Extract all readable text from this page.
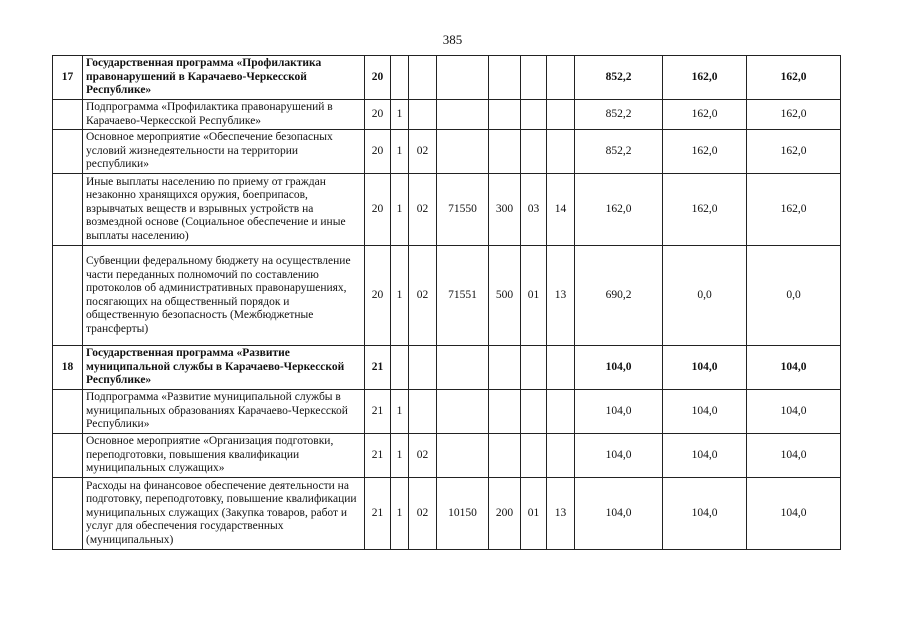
385
17	Государственная программа «Профилактика правонарушений в Карачаево-Черкесской Республике»	20							852,2	162,0	162,0
	Подпрограмма «Профилактика правонарушений в Карачаево-Черкесской Республике»	20	1						852,2	162,0	162,0
	Основное мероприятие «Обеспечение безопасных условий жизнедеятельности на территории республики»	20	1	02					852,2	162,0	162,0
	Иные выплаты населению по приему от граждан незаконно хранящихся оружия, боеприпасов, взрывчатых веществ и взрывных устройств на возмездной основе (Социальное обеспечение и иные выплаты населению)	20	1	02	71550	300	03	14	162,0	162,0	162,0
	Субвенции федеральному бюджету на осуществление части переданных полномочий по составлению протоколов об административных правонарушениях, посягающих на общественный порядок и общественную безопасность (Межбюджетные трансферты)	20	1	02	71551	500	01	13	690,2	0,0	0,0
18	Государственная программа «Развитие муниципальной службы в Карачаево-Черкесской Республике»	21							104,0	104,0	104,0
	Подпрограмма «Развитие муниципальной службы в муниципальных образованиях Карачаево-Черкесской Республики»	21	1						104,0	104,0	104,0
	Основное мероприятие «Организация подготовки, переподготовки, повышения квалификации муниципальных служащих»	21	1	02					104,0	104,0	104,0
	Расходы на финансовое обеспечение деятельности на подготовку, переподготовку, повышение квалификации муниципальных служащих (Закупка товаров, работ и услуг для обеспечения государственных (муниципальных)	21	1	02	10150	200	01	13	104,0	104,0	104,0
